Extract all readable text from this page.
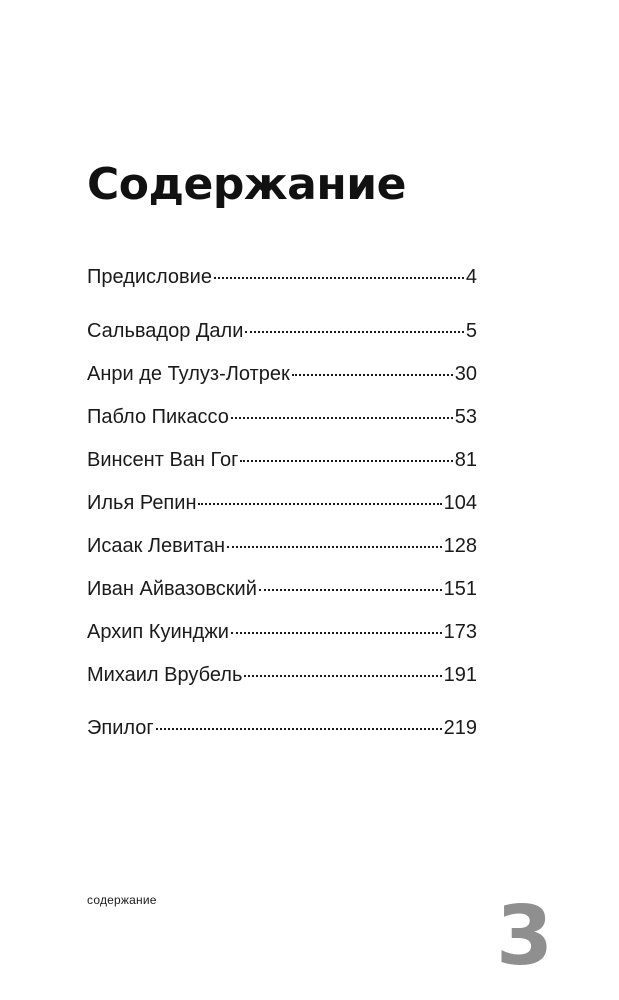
Содержание
Предисловие	4
Сальвадор Дали	5
Анри де Тулуз-Лотрек	30
Пабло Пикассо	53
Винсент Ван Гог	81
Илья Репин	104
Исаак Левитан	128
Иван Айвазовский	151
Архип Куинджи	173
Михаил Врубель	191
Эпилог	219
содержание	3
